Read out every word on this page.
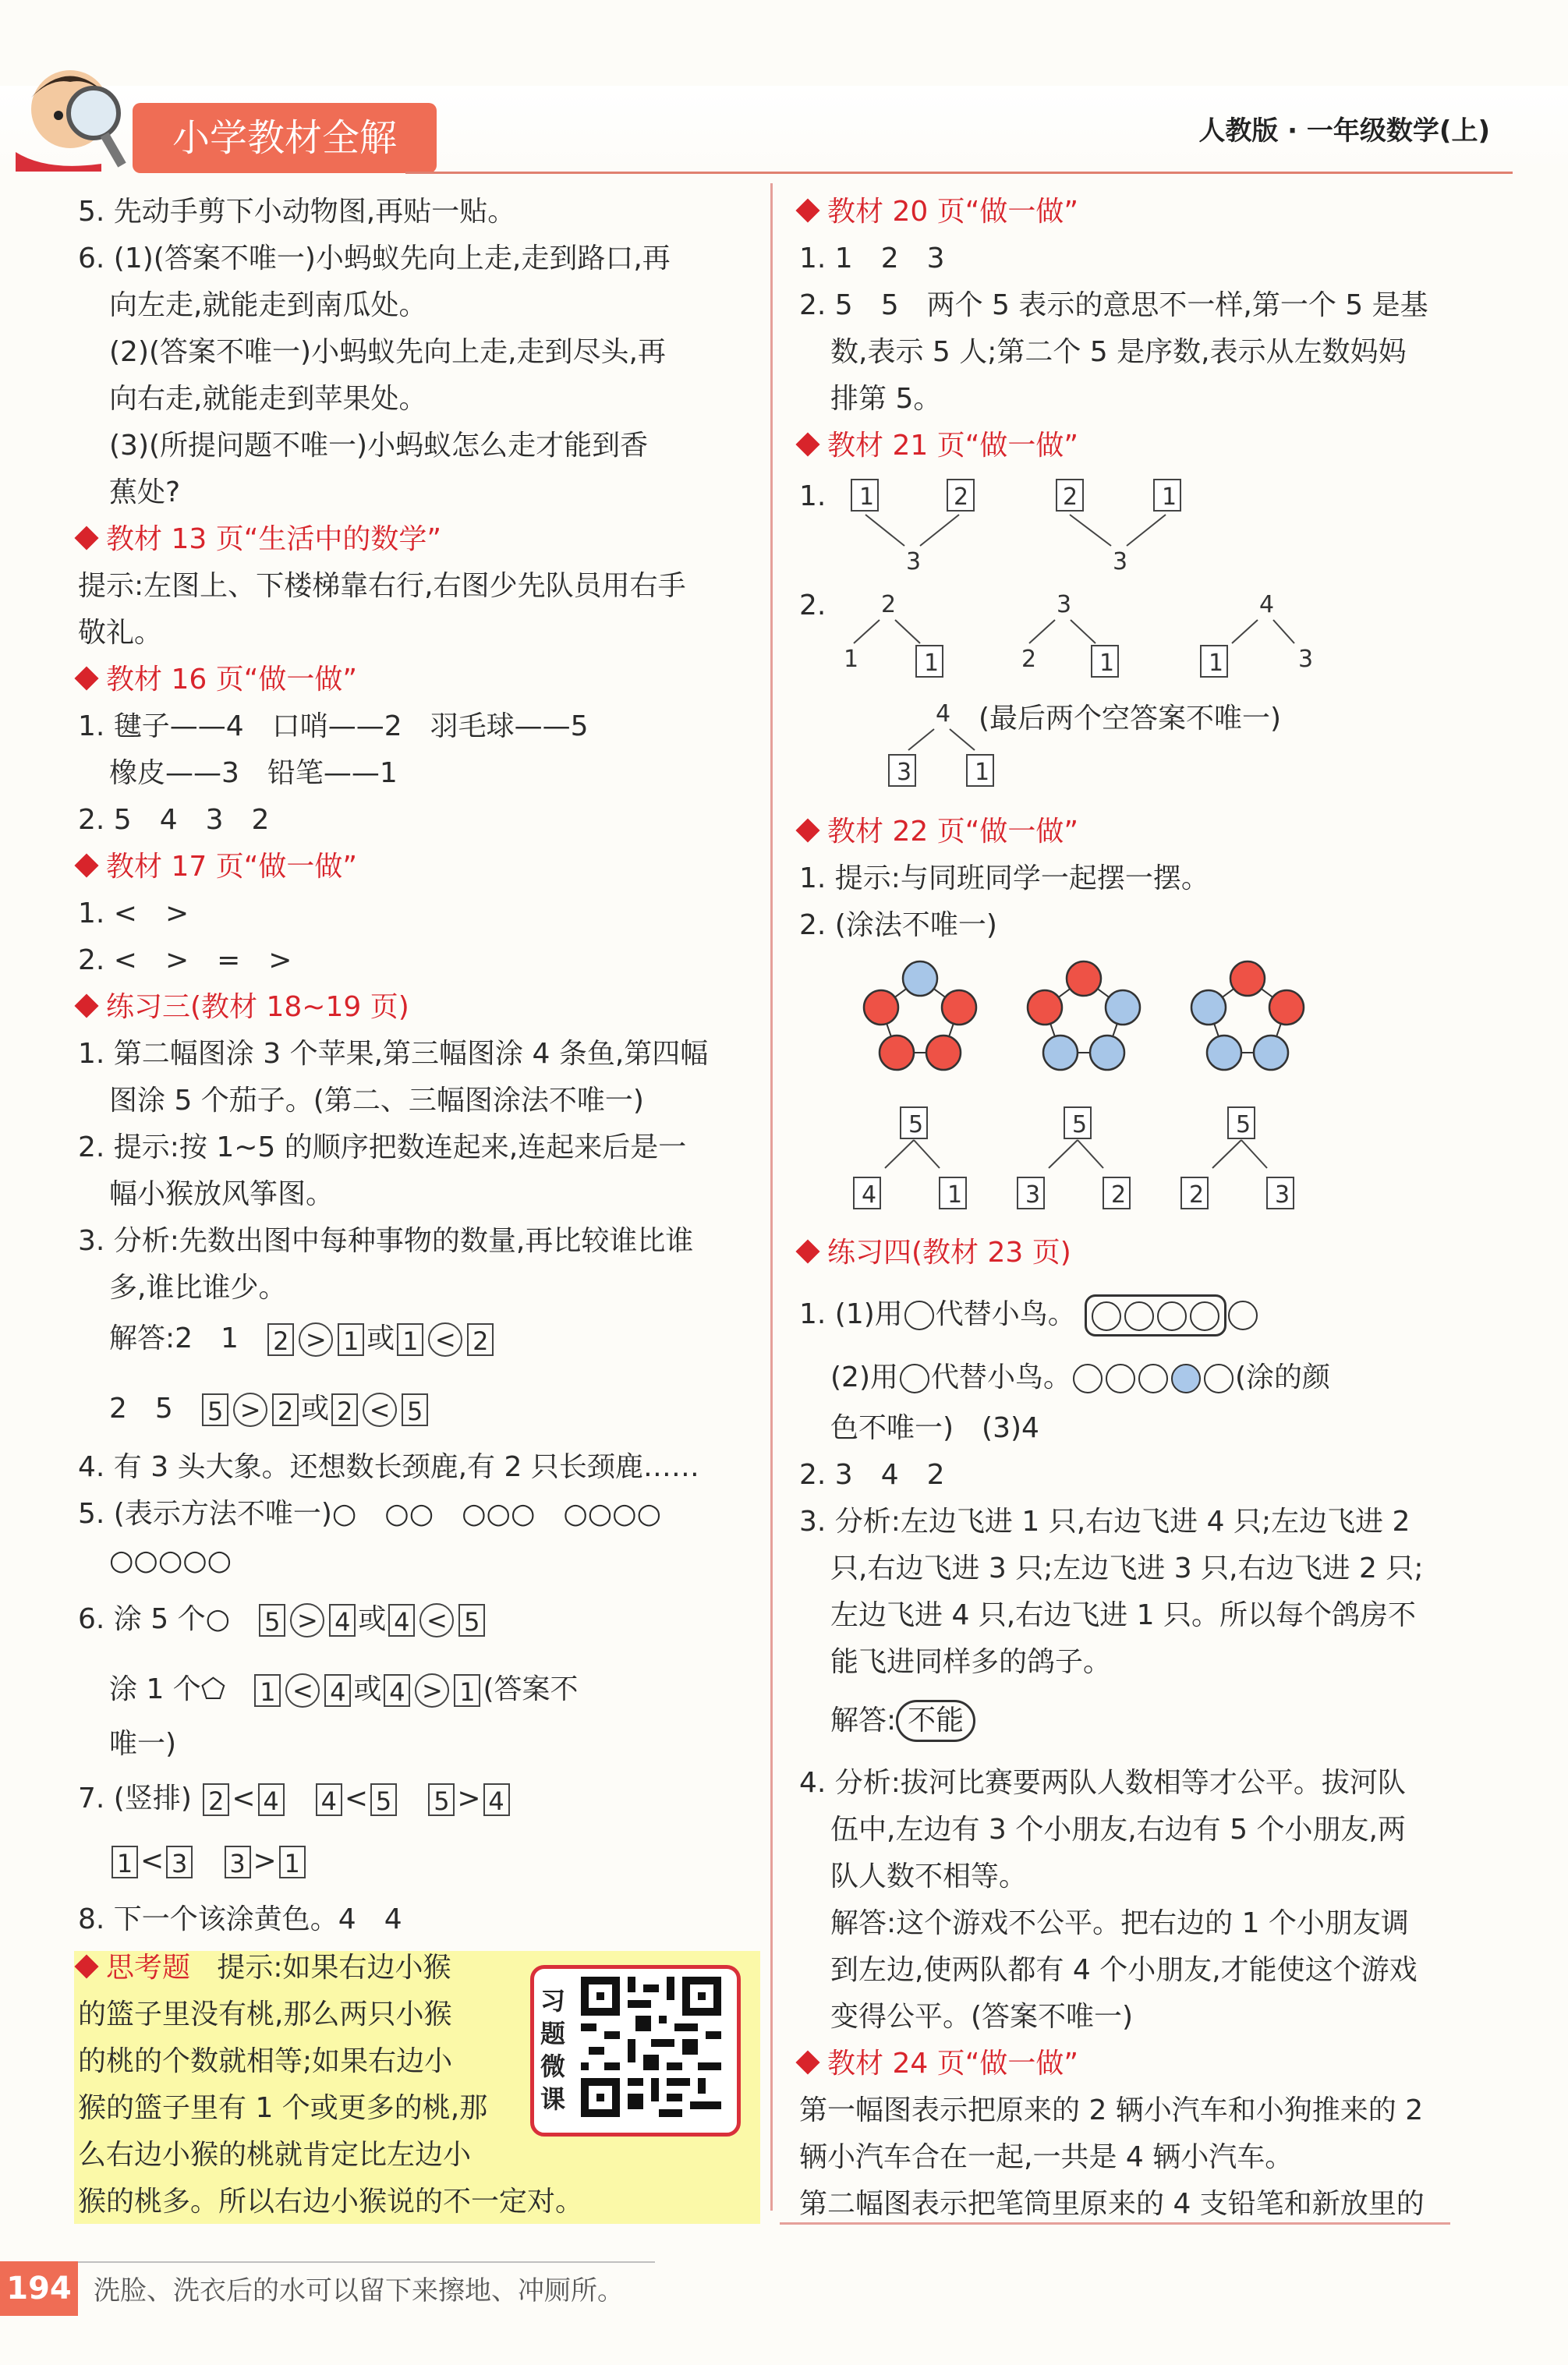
小学教材全解	人教版 · 一年级数学(上)
5. 先动手剪下小动物图,再贴一贴。
6. (1)(答案不唯一)小蚂蚁先向上走,走到路口,再
向左走,就能走到南瓜处。
(2)(答案不唯一)小蚂蚁先向上走,走到尽头,再
向右走,就能走到苹果处。
(3)(所提问题不唯一)小蚂蚁怎么走才能到香
蕉处?
教材 13 页“生活中的数学”
提示:左图上、下楼梯靠右行,右图少先队员用右手
敬礼。
教材 16 页“做一做”
1. 毽子——4　口哨——2　羽毛球——5
橡皮——3　铅笔——1
2. 5　4　3　2
教材 17 页“做一做”
1. <　>
2. <　>　=　>
练习三(教材 18~19 页)
1. 第二幅图涂 3 个苹果,第三幅图涂 4 条鱼,第四幅
图涂 5 个茄子。(第二、三幅图涂法不唯一)
2. 提示:按 1~5 的顺序把数连起来,连起来后是一
幅小猴放风筝图。
3. 分析:先数出图中每种事物的数量,再比较谁比谁
多,谁比谁少。
解答:2　1 2 > 1 或 1 < 2
2　5 5 > 2 或 2 < 5
4. 有 3 头大象。还想数长颈鹿,有 2 只长颈鹿……
5. (表示方法不唯一)○　○○　○○○　○○○○
○○○○○
6. 涂 5 个○ 5 > 4 或 4 < 5
涂 1 个⬠ 1 < 4 或 4 > 1 (答案不
唯一)
7. (竖排) 2 < 4 4 < 5 5 > 4
1 < 3 3 > 1
8. 下一个该涂黄色。4　4
思考题 提示:如果右边小猴
的篮子里没有桃,那么两只小猴
的桃的个数就相等;如果右边小
猴的篮子里有 1 个或更多的桃,那
么右边小猴的桃就肯定比左边小
猴的桃多。所以右边小猴说的不一定对。
习题微课
194 洗脸、洗衣后的水可以留下来擦地、冲厕所。
教材 20 页“做一做”
1. 1　2　3
2. 5　5　两个 5 表示的意思不一样,第一个 5 是基
数,表示 5 人;第二个 5 是序数,表示从左数妈妈
排第 5。
教材 21 页“做一做”
1. 1	2
3
2	1
3
2. 2
1	1
3
2	1
4
1	3
4
3	1
(最后两个空答案不唯一)
教材 22 页“做一做”
1. 提示:与同班同学一起摆一摆。
2. (涂法不唯一)
5
4	1
5
3	2
5
2	3
练习四(教材 23 页)
1. (1)用 代替小鸟。
(2)用 代替小鸟。	(涂的颜
色不唯一)　(3)4
2. 3　4　2
3. 分析:左边飞进 1 只,右边飞进 4 只;左边飞进 2
只,右边飞进 3 只;左边飞进 3 只,右边飞进 2 只;
左边飞进 4 只,右边飞进 1 只。所以每个鸽房不
能飞进同样多的鸽子。
解答: 不能
4. 分析:拔河比赛要两队人数相等才公平。拔河队
伍中,左边有 3 个小朋友,右边有 5 个小朋友,两
队人数不相等。
解答:这个游戏不公平。把右边的 1 个小朋友调
到左边,使两队都有 4 个小朋友,才能使这个游戏
变得公平。(答案不唯一)
教材 24 页“做一做”
第一幅图表示把原来的 2 辆小汽车和小狗推来的 2
辆小汽车合在一起,一共是 4 辆小汽车。
第二幅图表示把笔筒里原来的 4 支铅笔和新放里的
